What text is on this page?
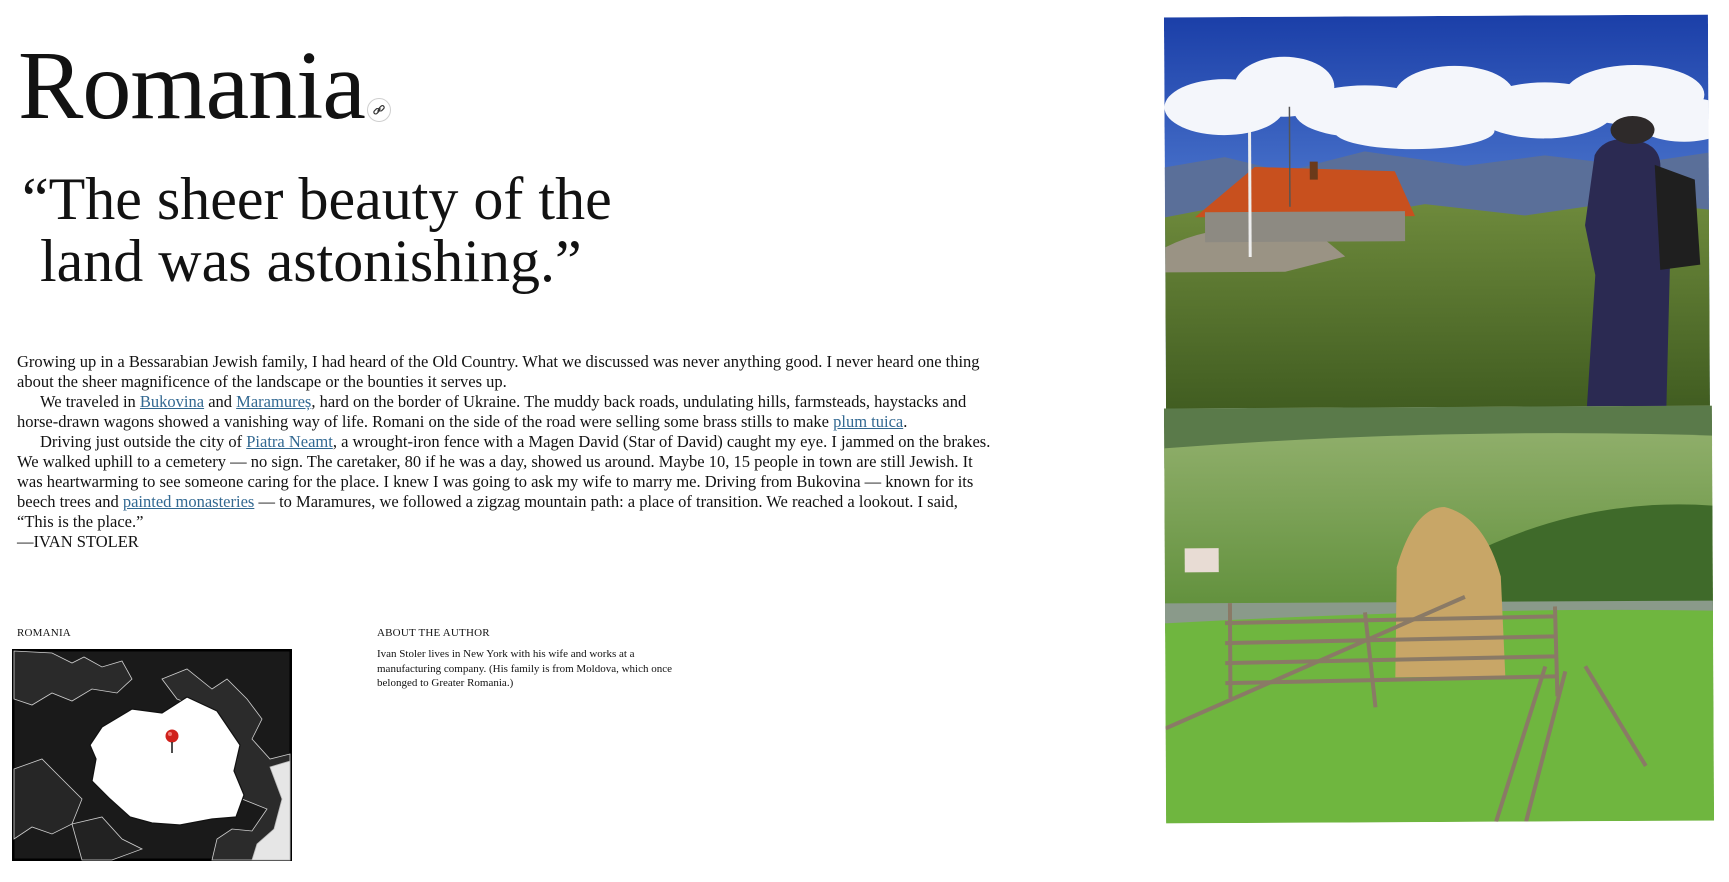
Romania

“The sheer beauty of the land was astonishing.”

Growing up in a Bessarabian Jewish family, I had heard of the Old Country. What we discussed was never anything good. I never heard one thing about the sheer magnificence of the landscape or the bounties it serves up.

We traveled in Bukovina and Maramureș, hard on the border of Ukraine. The muddy back roads, undulating hills, farmsteads, haystacks and horse-drawn wagons showed a vanishing way of life. Romani on the side of the road were selling some brass stills to make plum tuica.

Driving just outside the city of Piatra Neamt, a wrought-iron fence with a Magen David (Star of David) caught my eye. I jammed on the brakes. We walked uphill to a cemetery — no sign. The caretaker, 80 if he was a day, showed us around. Maybe 10, 15 people in town are still Jewish. It was heartwarming to see someone caring for the place. I knew I was going to ask my wife to marry me. Driving from Bukovina — known for its beech trees and painted monasteries — to Maramures, we followed a zigzag mountain path: a place of transition. We reached a lookout. I said, “This is the place.”

—IVAN STOLER

ROMANIA	ABOUT THE AUTHOR

Ivan Stoler lives in New York with his wife and works at a manufacturing company. (His family is from Moldova, which once belonged to Greater Romania.)
